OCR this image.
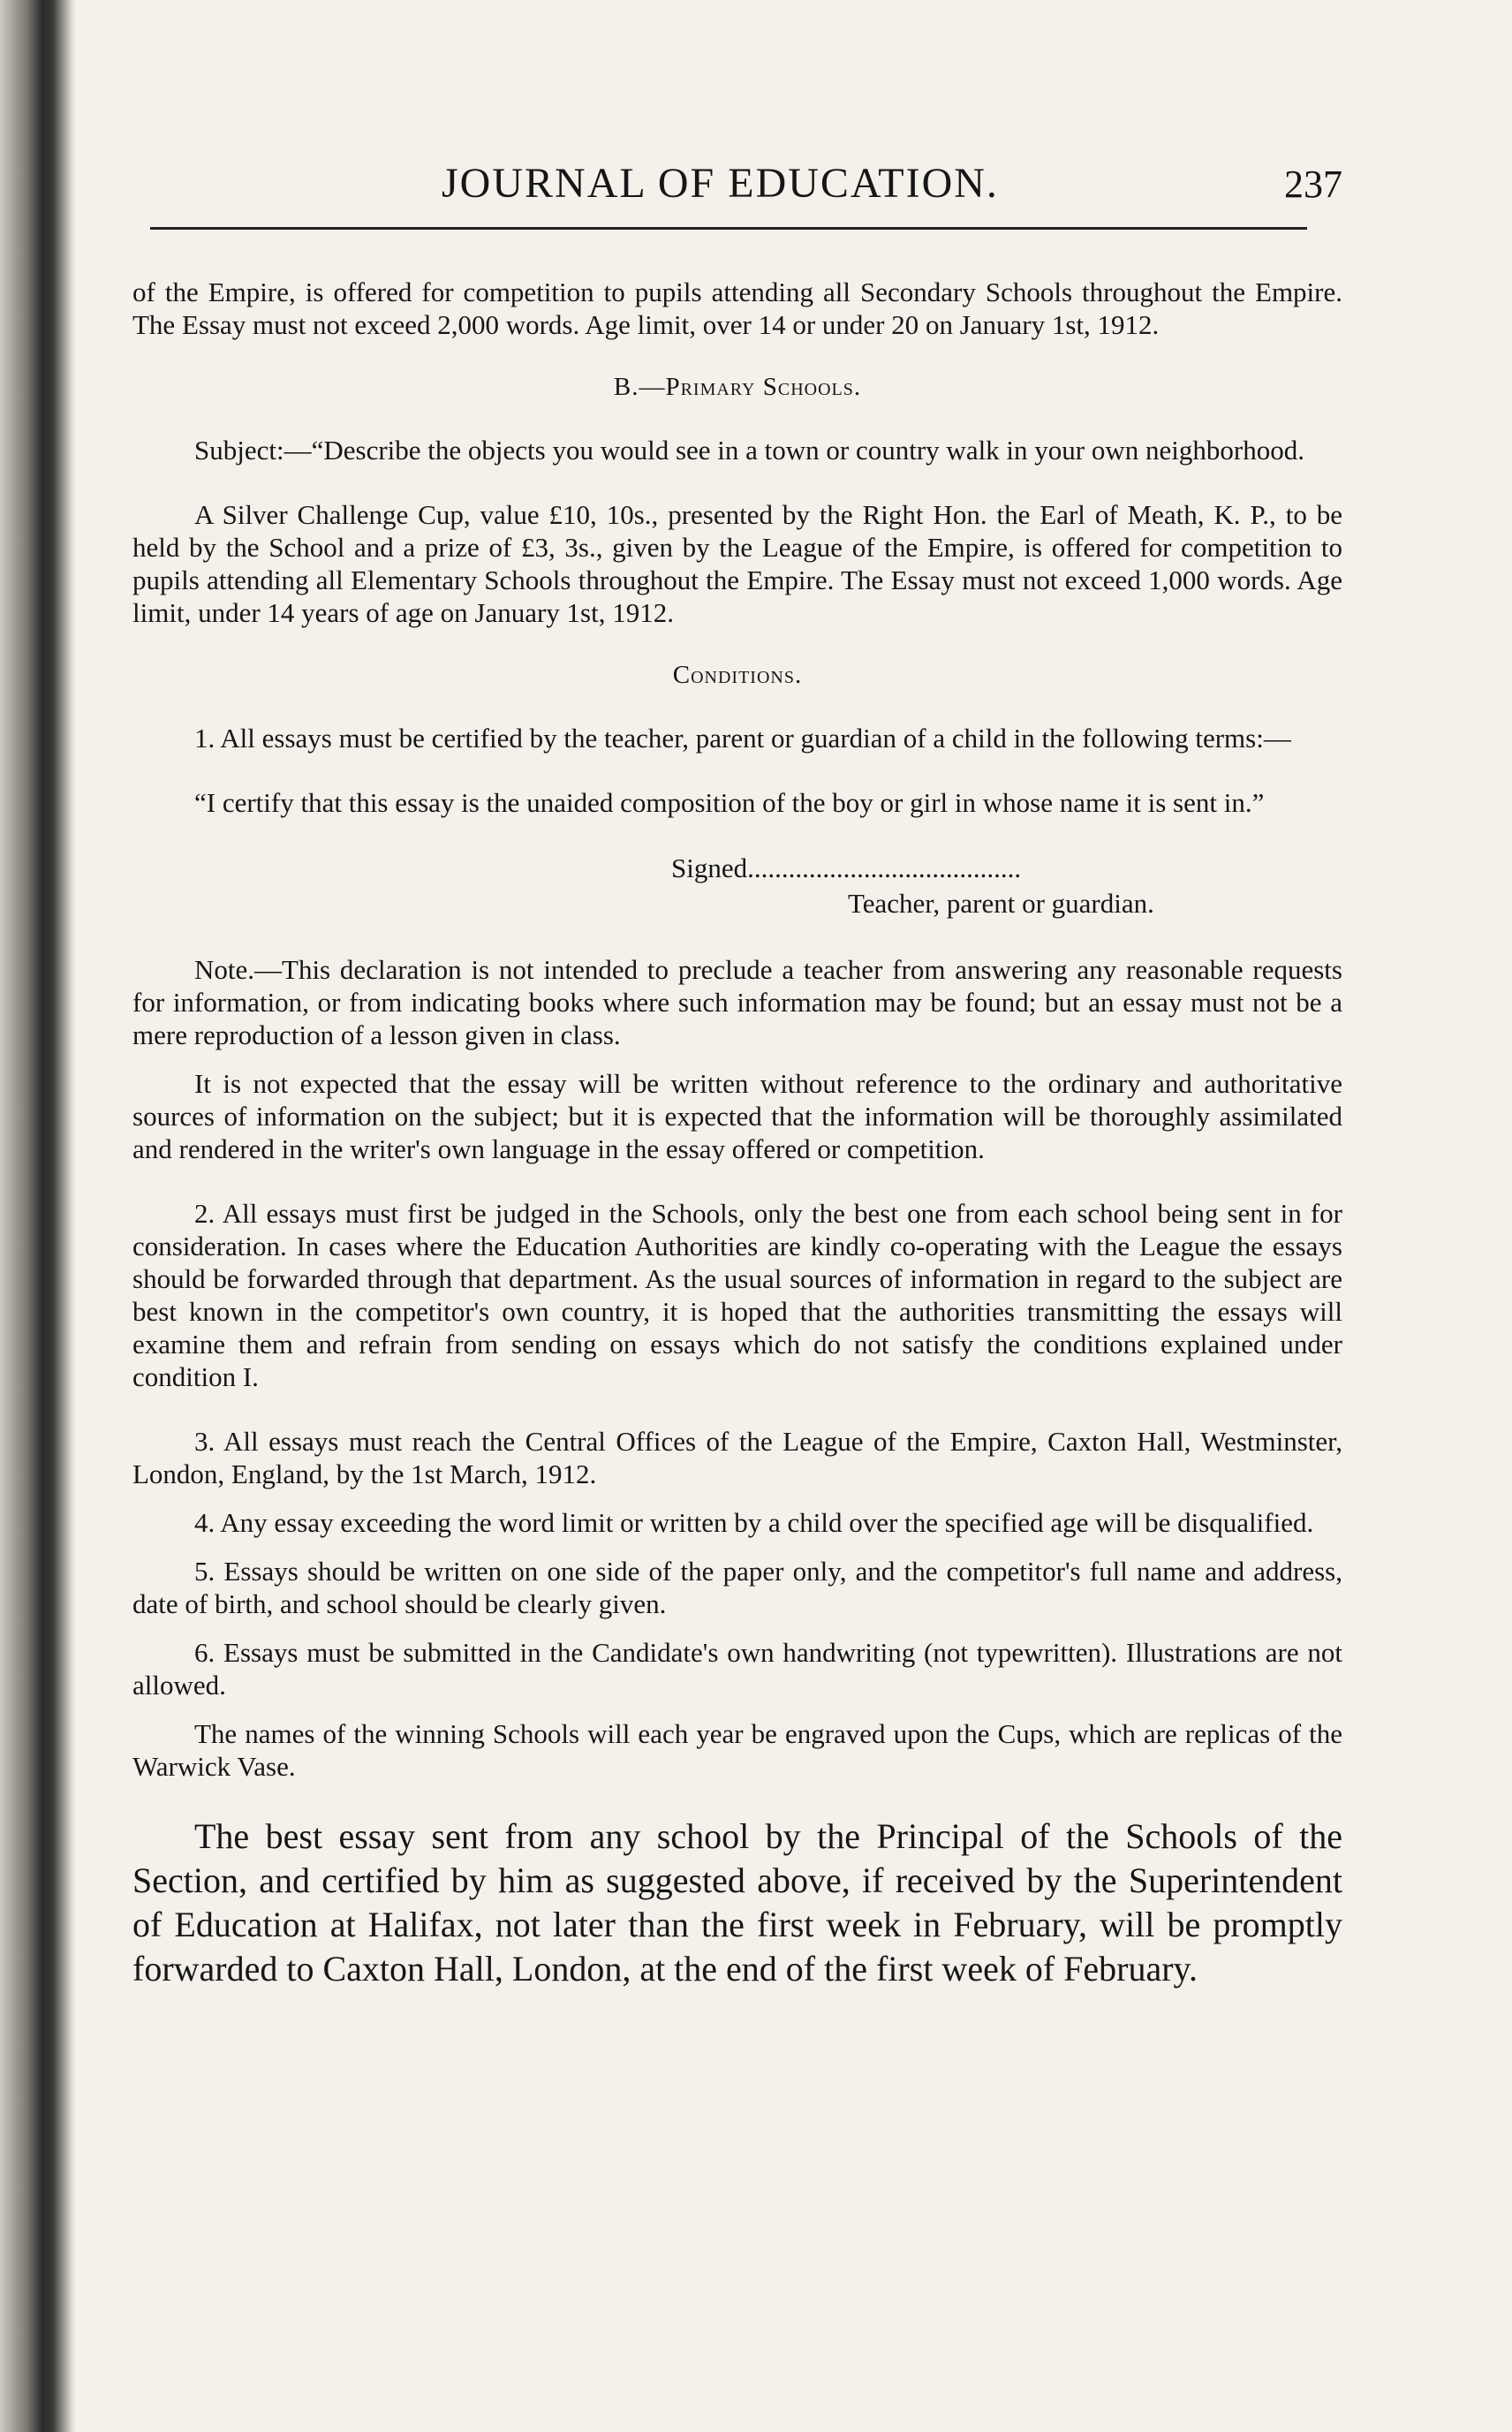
JOURNAL OF EDUCATION.	237

of the Empire, is offered for competition to pupils attending all Secondary Schools throughout the Empire. The Essay must not exceed 2,000 words. Age limit, over 14 or under 20 on January 1st, 1912.

B.—Primary Schools.

Subject:—“Describe the objects you would see in a town or country walk in your own neighborhood.

A Silver Challenge Cup, value £10, 10s., presented by the Right Hon. the Earl of Meath, K. P., to be held by the School and a prize of £3, 3s., given by the League of the Empire, is offered for competition to pupils attending all Elementary Schools throughout the Empire. The Essay must not exceed 1,000 words. Age limit, under 14 years of age on January 1st, 1912.

Conditions.

1. All essays must be certified by the teacher, parent or guardian of a child in the following terms:—

“I certify that this essay is the unaided composition of the boy or girl in whose name it is sent in.”

Signed........................................
Teacher, parent or guardian.

Note.—This declaration is not intended to preclude a teacher from answering any reasonable requests for information, or from indicating books where such information may be found; but an essay must not be a mere reproduction of a lesson given in class.

It is not expected that the essay will be written without reference to the ordinary and authoritative sources of information on the subject; but it is expected that the information will be thoroughly assimilated and rendered in the writer's own language in the essay offered or competition.

2. All essays must first be judged in the Schools, only the best one from each school being sent in for consideration. In cases where the Education Authorities are kindly co-operating with the League the essays should be forwarded through that department. As the usual sources of information in regard to the subject are best known in the competitor's own country, it is hoped that the authorities transmitting the essays will examine them and refrain from sending on essays which do not satisfy the conditions explained under condition I.

3. All essays must reach the Central Offices of the League of the Empire, Caxton Hall, Westminster, London, England, by the 1st March, 1912.

4. Any essay exceeding the word limit or written by a child over the specified age will be disqualified.

5. Essays should be written on one side of the paper only, and the competitor's full name and address, date of birth, and school should be clearly given.

6. Essays must be submitted in the Candidate's own handwriting (not typewritten). Illustrations are not allowed.

The names of the winning Schools will each year be engraved upon the Cups, which are replicas of the Warwick Vase.

The best essay sent from any school by the Principal of the Schools of the Section, and certified by him as suggested above, if received by the Superintendent of Education at Halifax, not later than the first week in February, will be promptly forwarded to Caxton Hall, London, at the end of the first week of February.
